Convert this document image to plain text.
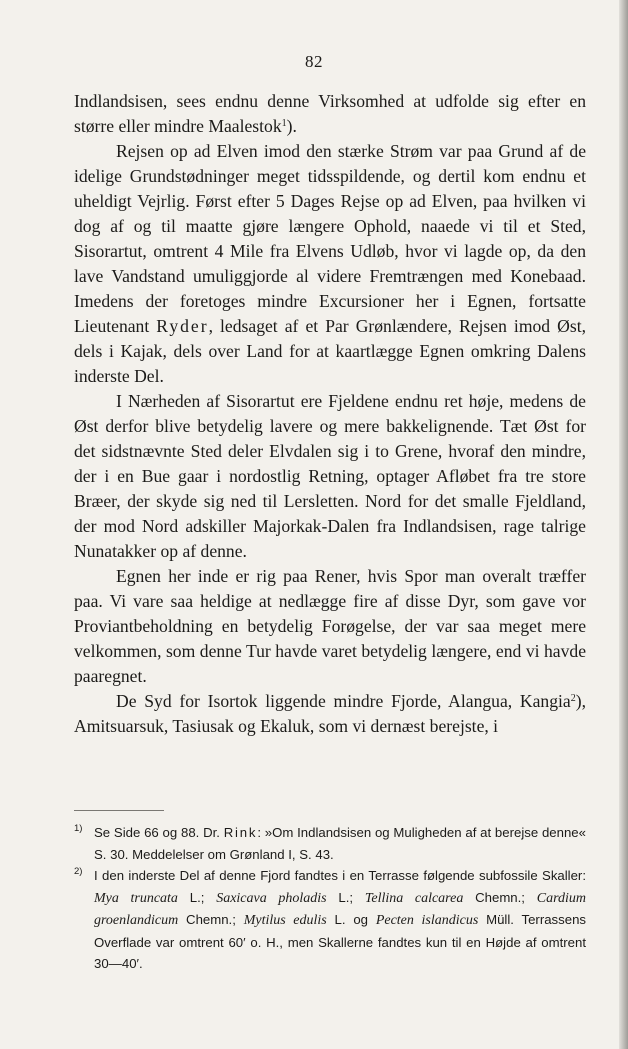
82

Indlandsisen, sees endnu denne Virksomhed at udfolde sig efter en større eller mindre Maalestok$^1$).

Rejsen op ad Elven imod den stærke Strøm var paa Grund af de idelige Grundstødninger meget tidsspildende, og dertil kom endnu et uheldigt Vejrlig. Først efter 5 Dages Rejse op ad Elven, paa hvilken vi dog af og til maatte gjøre længere Ophold, naaede vi til et Sted, Sisorartut, omtrent 4 Mile fra Elvens Udløb, hvor vi lagde op, da den lave Vandstand umuliggjorde al videre Fremtrængen med Konebaad. Imedens der foretoges mindre Excursioner her i Egnen, fortsatte Lieutenant Ryder, ledsaget af et Par Grønlændere, Rejsen imod Øst, dels i Kajak, dels over Land for at kaartlægge Egnen omkring Dalens inderste Del.

I Nærheden af Sisorartut ere Fjeldene endnu ret høje, medens de Øst derfor blive betydelig lavere og mere bakkelignende. Tæt Øst for det sidstnævnte Sted deler Elvdalen sig i to Grene, hvoraf den mindre, der i en Bue gaar i nordostlig Retning, optager Afløbet fra tre store Bræer, der skyde sig ned til Lersletten. Nord for det smalle Fjeldland, der mod Nord adskiller Majorkak-Dalen fra Indlandsisen, rage talrige Nunatakker op af denne.

Egnen her inde er rig paa Rener, hvis Spor man overalt træffer paa. Vi vare saa heldige at nedlægge fire af disse Dyr, som gave vor Proviantbeholdning en betydelig Forøgelse, der var saa meget mere velkommen, som denne Tur havde varet betydelig længere, end vi havde paaregnet.

De Syd for Isortok liggende mindre Fjorde, Alangua, Kangia$^2$), Amitsuarsuk, Tasiusak og Ekaluk, som vi dernæst berejste, i

1) Se Side 66 og 88. Dr. Rink: »Om Indlandsisen og Muligheden af at berejse denne« S. 30. Meddelelser om Grønland I, S. 43.

2) I den inderste Del af denne Fjord fandtes i en Terrasse følgende subfossile Skaller: Mya truncata L.; Saxicava pholadis L.; Tellina calcarea Chemn.; Cardium groenlandicum Chemn.; Mytilus edulis L. og Pecten islandicus Müll. Terrassens Overflade var omtrent 60′ o. H., men Skallerne fandtes kun til en Højde af omtrent 30—40′.
